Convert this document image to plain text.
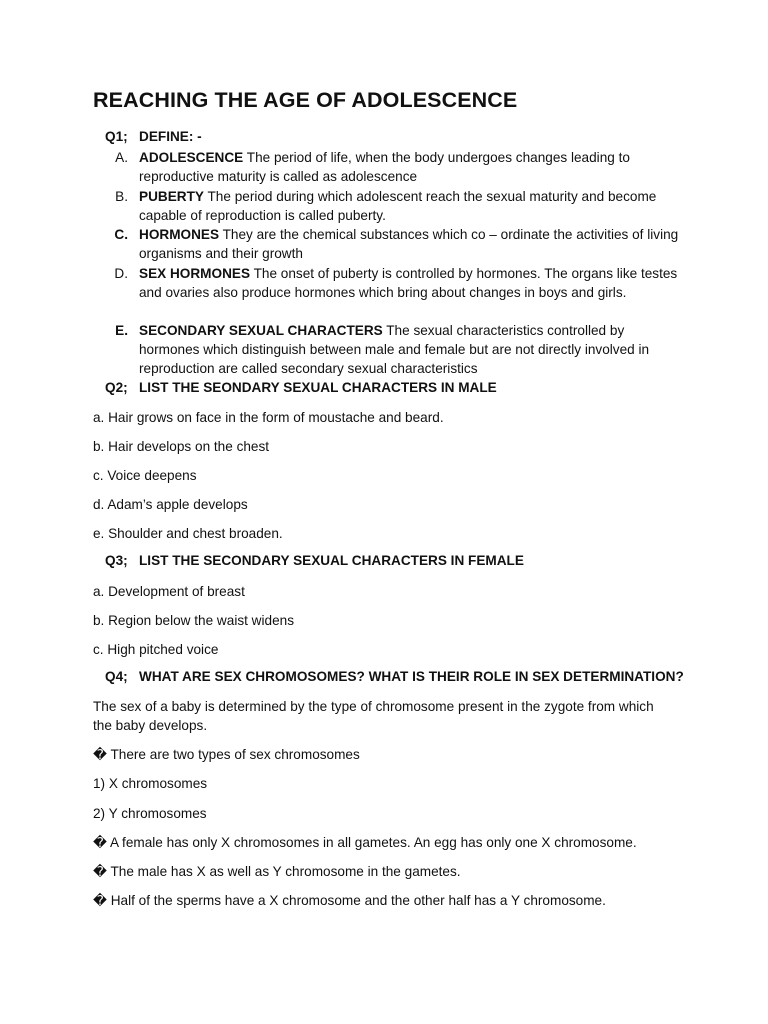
REACHING THE AGE OF ADOLESCENCE
Q1; DEFINE: -
A. ADOLESCENCE The period of life, when the body undergoes changes leading to reproductive maturity is called as adolescence
B. PUBERTY The period during which adolescent reach the sexual maturity and become capable of reproduction is called puberty.
C. HORMONES They are the chemical substances which co – ordinate the activities of living organisms and their growth
D. SEX HORMONES The onset of puberty is controlled by hormones. The organs like testes and ovaries also produce hormones which bring about changes in boys and girls.
E. SECONDARY SEXUAL CHARACTERS The sexual characteristics controlled by hormones which distinguish between male and female but are not directly involved in reproduction are called secondary sexual characteristics
Q2; LIST THE SEONDARY SEXUAL CHARACTERS IN MALE
a. Hair grows on face in the form of moustache and beard.
b. Hair develops on the chest
c. Voice deepens
d. Adam’s apple develops
e. Shoulder and chest broaden.
Q3; LIST THE SECONDARY SEXUAL CHARACTERS IN FEMALE
a. Development of breast
b. Region below the waist widens
c. High pitched voice
Q4; WHAT ARE SEX CHROMOSOMES? WHAT IS THEIR ROLE IN SEX DETERMINATION?
The sex of a baby is determined by the type of chromosome present in the zygote from which the baby develops.
� There are two types of sex chromosomes
1) X chromosomes
2) Y chromosomes
� A female has only X chromosomes in all gametes. An egg has only one X chromosome.
� The male has X as well as Y chromosome in the gametes.
� Half of the sperms have a X chromosome and the other half has a Y chromosome.
